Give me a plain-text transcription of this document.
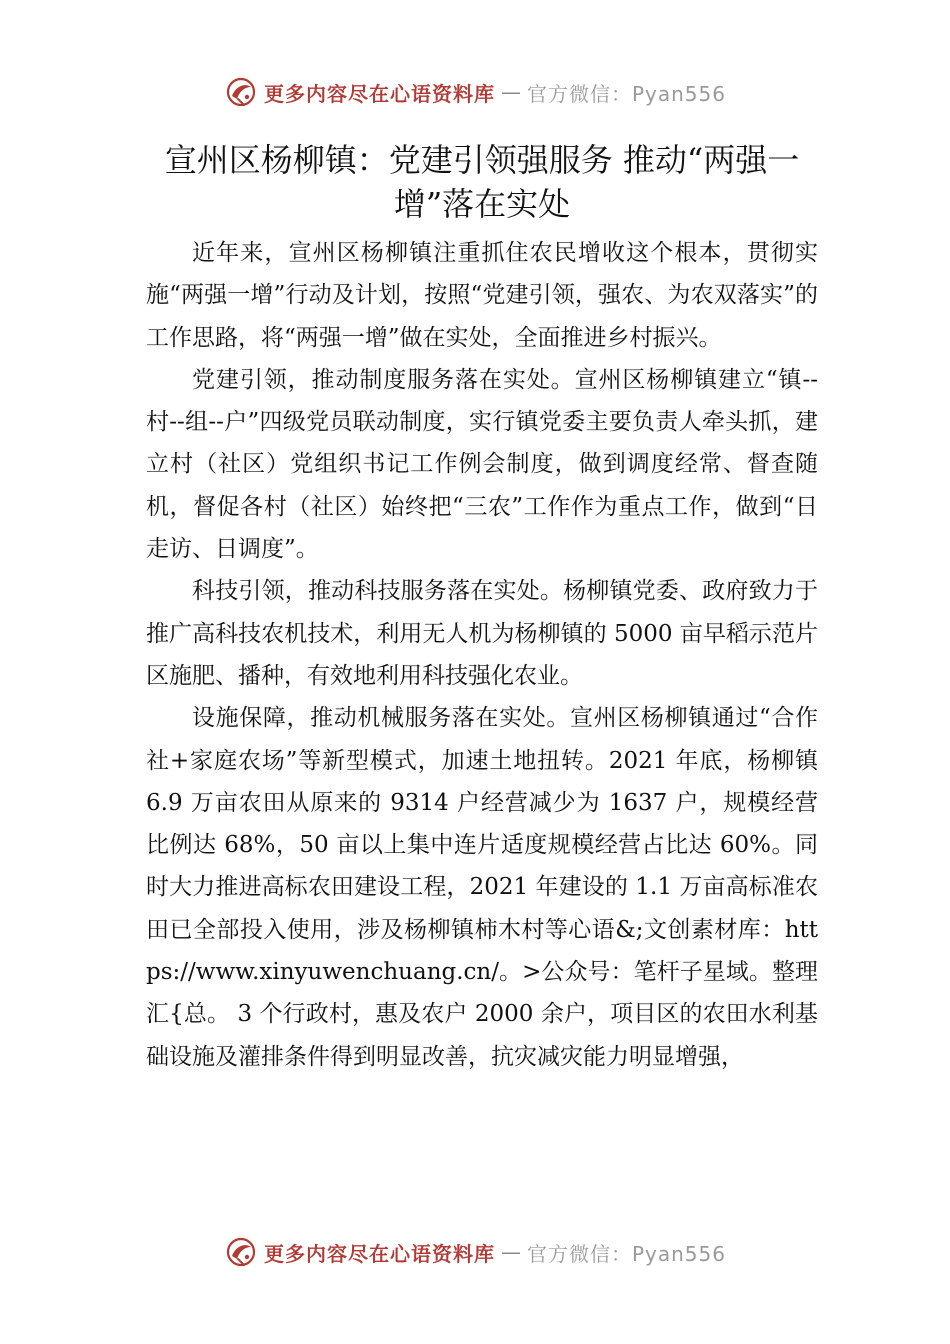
更多内容尽在心语资料库 — 官方微信：Pyan556
宣州区杨柳镇：党建引领强服务 推动“两强一增”落在实处

近年来，宣州区杨柳镇注重抓住农民增收这个根本，贯彻实施“两强一增”行动及计划，按照“党建引领，强农、为农双落实”的工作思路，将“两强一增”做在实处，全面推进乡村振兴。

党建引领，推动制度服务落在实处。宣州区杨柳镇建立“镇--村--组--户”四级党员联动制度，实行镇党委主要负责人牵头抓，建立村（社区）党组织书记工作例会制度，做到调度经常、督查随机，督促各村（社区）始终把“三农”工作作为重点工作，做到“日走访、日调度”。

科技引领，推动科技服务落在实处。杨柳镇党委、政府致力于推广高科技农机技术，利用无人机为杨柳镇的 5000 亩早稻示范片区施肥、播种，有效地利用科技强化农业。

设施保障，推动机械服务落在实处。宣州区杨柳镇通过“合作社+家庭农场”等新型模式，加速土地扭转。2021 年底，杨柳镇 6.9 万亩农田从原来的 9314 户经营减少为 1637 户，规模经营比例达 68%，50 亩以上集中连片适度规模经营占比达 60%。同时大力推进高标农田建设工程，2021 年建设的 1.1 万亩高标准农田已全部投入使用，涉及杨柳镇柿木村等心语&;文创素材库：https://www.xinyuwenchuang.cn/。>公众号：笔杆子星域。整理汇{总。 3 个行政村，惠及农户 2000 余户，项目区的农田水利基础设施及灌排条件得到明显改善，抗灾减灾能力明显增强，

更多内容尽在心语资料库 — 官方微信：Pyan556
